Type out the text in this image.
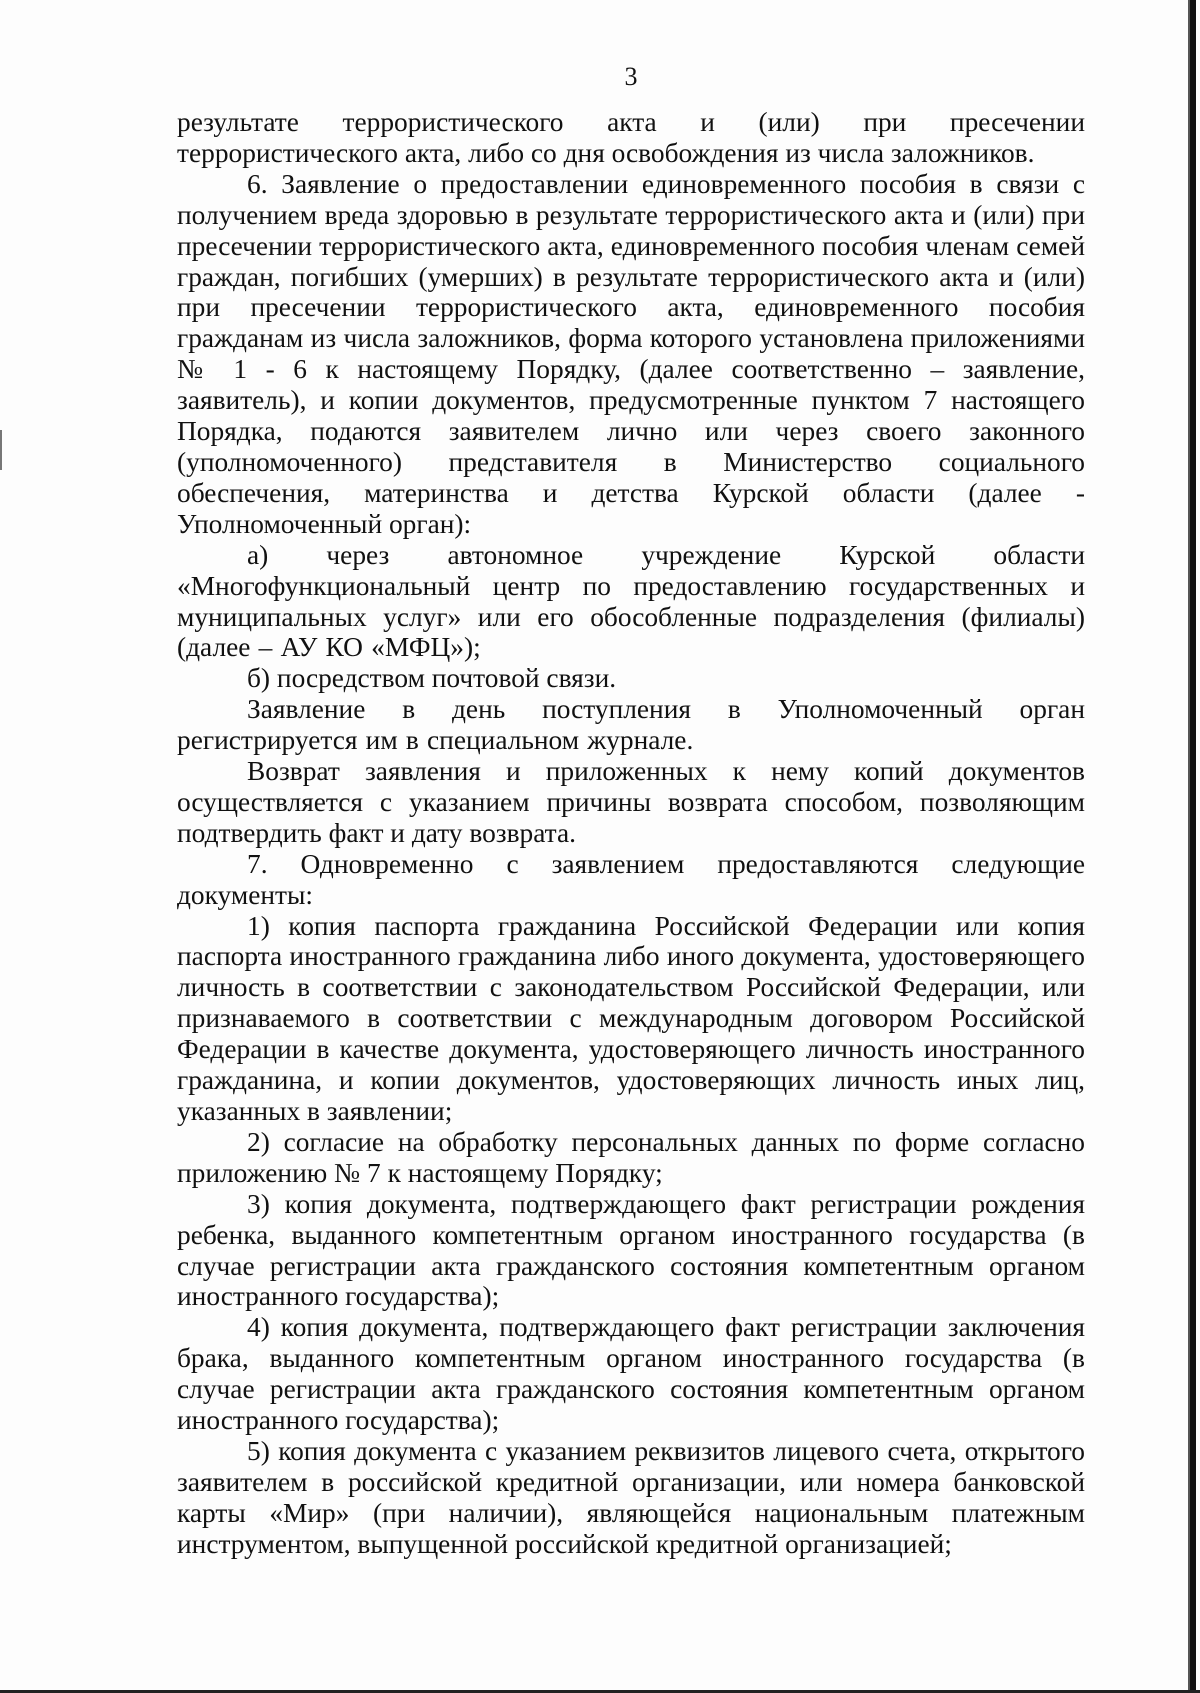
3

результате террористического акта и (или) при пресечении террористического акта, либо со дня освобождения из числа заложников.

6. Заявление о предоставлении единовременного пособия в связи с получением вреда здоровью в результате террористического акта и (или) при пресечении террористического акта, единовременного пособия членам семей граждан, погибших (умерших) в результате террористического акта и (или) при пресечении террористического акта, единовременного пособия гражданам из числа заложников, форма которого установлена приложениями № 1 - 6 к настоящему Порядку, (далее соответственно – заявление, заявитель), и копии документов, предусмотренные пунктом 7 настоящего Порядка, подаются заявителем лично или через своего законного (уполномоченного) представителя в Министерство социального обеспечения, материнства и детства Курской области (далее - Уполномоченный орган):

а) через автономное учреждение Курской области «Многофункциональный центр по предоставлению государственных и муниципальных услуг» или его обособленные подразделения (филиалы) (далее – АУ КО «МФЦ»);

б) посредством почтовой связи.

Заявление в день поступления в Уполномоченный орган регистрируется им в специальном журнале.

Возврат заявления и приложенных к нему копий документов осуществляется с указанием причины возврата способом, позволяющим подтвердить факт и дату возврата.

7. Одновременно с заявлением предоставляются следующие документы:

1) копия паспорта гражданина Российской Федерации или копия паспорта иностранного гражданина либо иного документа, удостоверяющего личность в соответствии с законодательством Российской Федерации, или признаваемого в соответствии с международным договором Российской Федерации в качестве документа, удостоверяющего личность иностранного гражданина, и копии документов, удостоверяющих личность иных лиц, указанных в заявлении;

2) согласие на обработку персональных данных по форме согласно приложению № 7 к настоящему Порядку;

3) копия документа, подтверждающего факт регистрации рождения ребенка, выданного компетентным органом иностранного государства (в случае регистрации акта гражданского состояния компетентным органом иностранного государства);

4) копия документа, подтверждающего факт регистрации заключения брака, выданного компетентным органом иностранного государства (в случае регистрации акта гражданского состояния компетентным органом иностранного государства);

5) копия документа с указанием реквизитов лицевого счета, открытого заявителем в российской кредитной организации, или номера банковской карты «Мир» (при наличии), являющейся национальным платежным инструментом, выпущенной российской кредитной организацией;
